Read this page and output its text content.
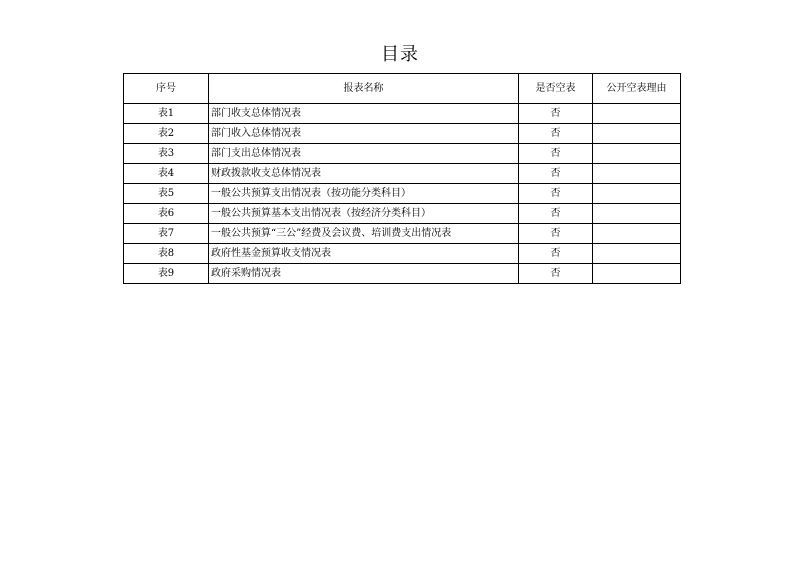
目录
序号	报表名称	是否空表	公开空表理由
表1	部门收支总体情况表	否	
表2	部门收入总体情况表	否	
表3	部门支出总体情况表	否	
表4	财政拨款收支总体情况表	否	
表5	一般公共预算支出情况表（按功能分类科目）	否	
表6	一般公共预算基本支出情况表（按经济分类科目）	否	
表7	一般公共预算“三公”经费及会议费、培训费支出情况表	否	
表8	政府性基金预算收支情况表	否	
表9	政府采购情况表	否	
